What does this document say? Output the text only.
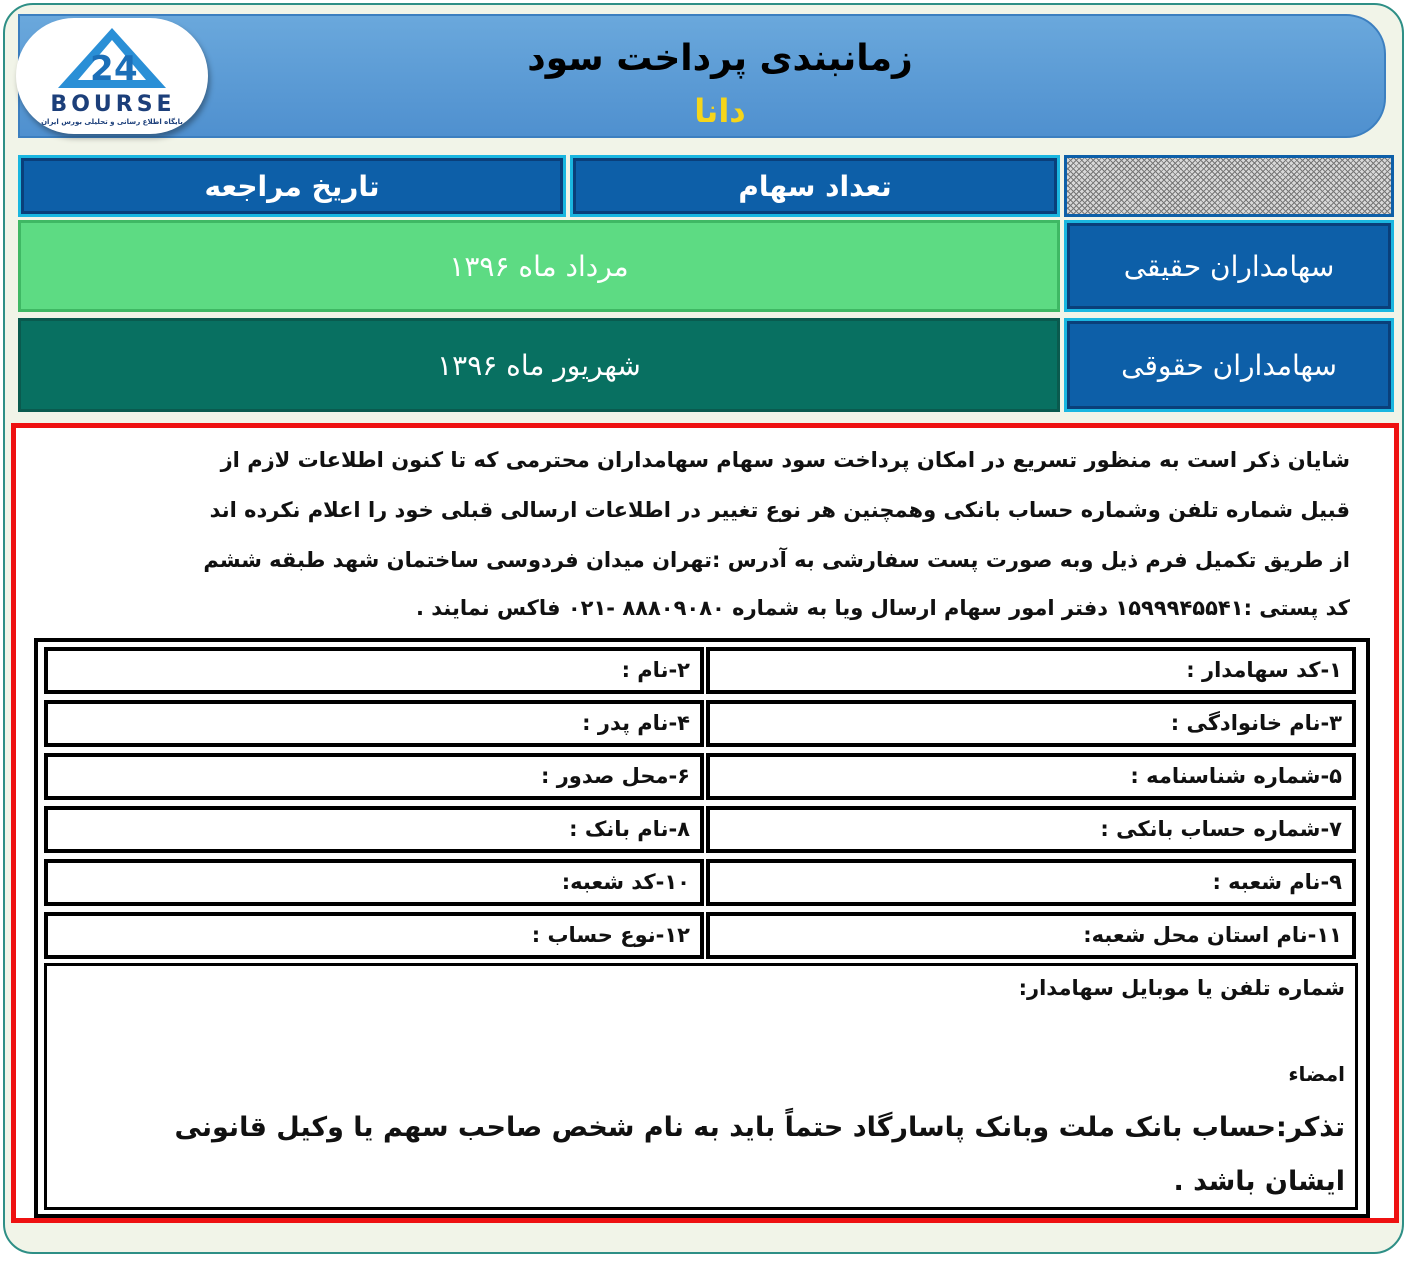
زمانبندی پرداخت سود
دانا
2 4
BOURSE
پایگاه اطلاع رسانی و تحلیلی بورس ایران
تعداد سهام
تاریخ مراجعه
سهامداران حقیقی
مرداد ماه ۱۳۹۶
سهامداران حقوقی
شهریور ماه ۱۳۹۶
شایان ذکر است به منظور تسریع در امکان پرداخت سود سهام سهامداران محترمی که تا کنون اطلاعات لازم از
قبیل شماره تلفن وشماره حساب بانکی وهمچنین هر نوع تغییر در اطلاعات ارسالی قبلی خود را اعلام نکرده اند
از طریق تکمیل فرم ذیل وبه صورت پست سفارشی به آدرس :تهران میدان فردوسی ساختمان شهد طبقه ششم
کد پستی :۱۵۹۹۹۴۵۵۴۱ دفتر امور سهام ارسال ویا به شماره ۸۸۸۰۹۰۸۰ -۰۲۱ فاکس نمایند .
۱-کد سهامدار :
۲-نام :
۳-نام خانوادگی :
۴-نام پدر :
۵-شماره شناسنامه :
۶-محل صدور :
۷-شماره حساب بانکی :
۸-نام بانک :
۹-نام شعبه :
۱۰-کد شعبه:
۱۱-نام استان محل شعبه:
۱۲-نوع حساب :
شماره تلفن یا موبایل سهامدار:
امضاء
تذکر:حساب بانک ملت وبانک پاسارگاد حتماً باید به نام شخص صاحب سهم یا وکیل قانونی
ایشان باشد .
